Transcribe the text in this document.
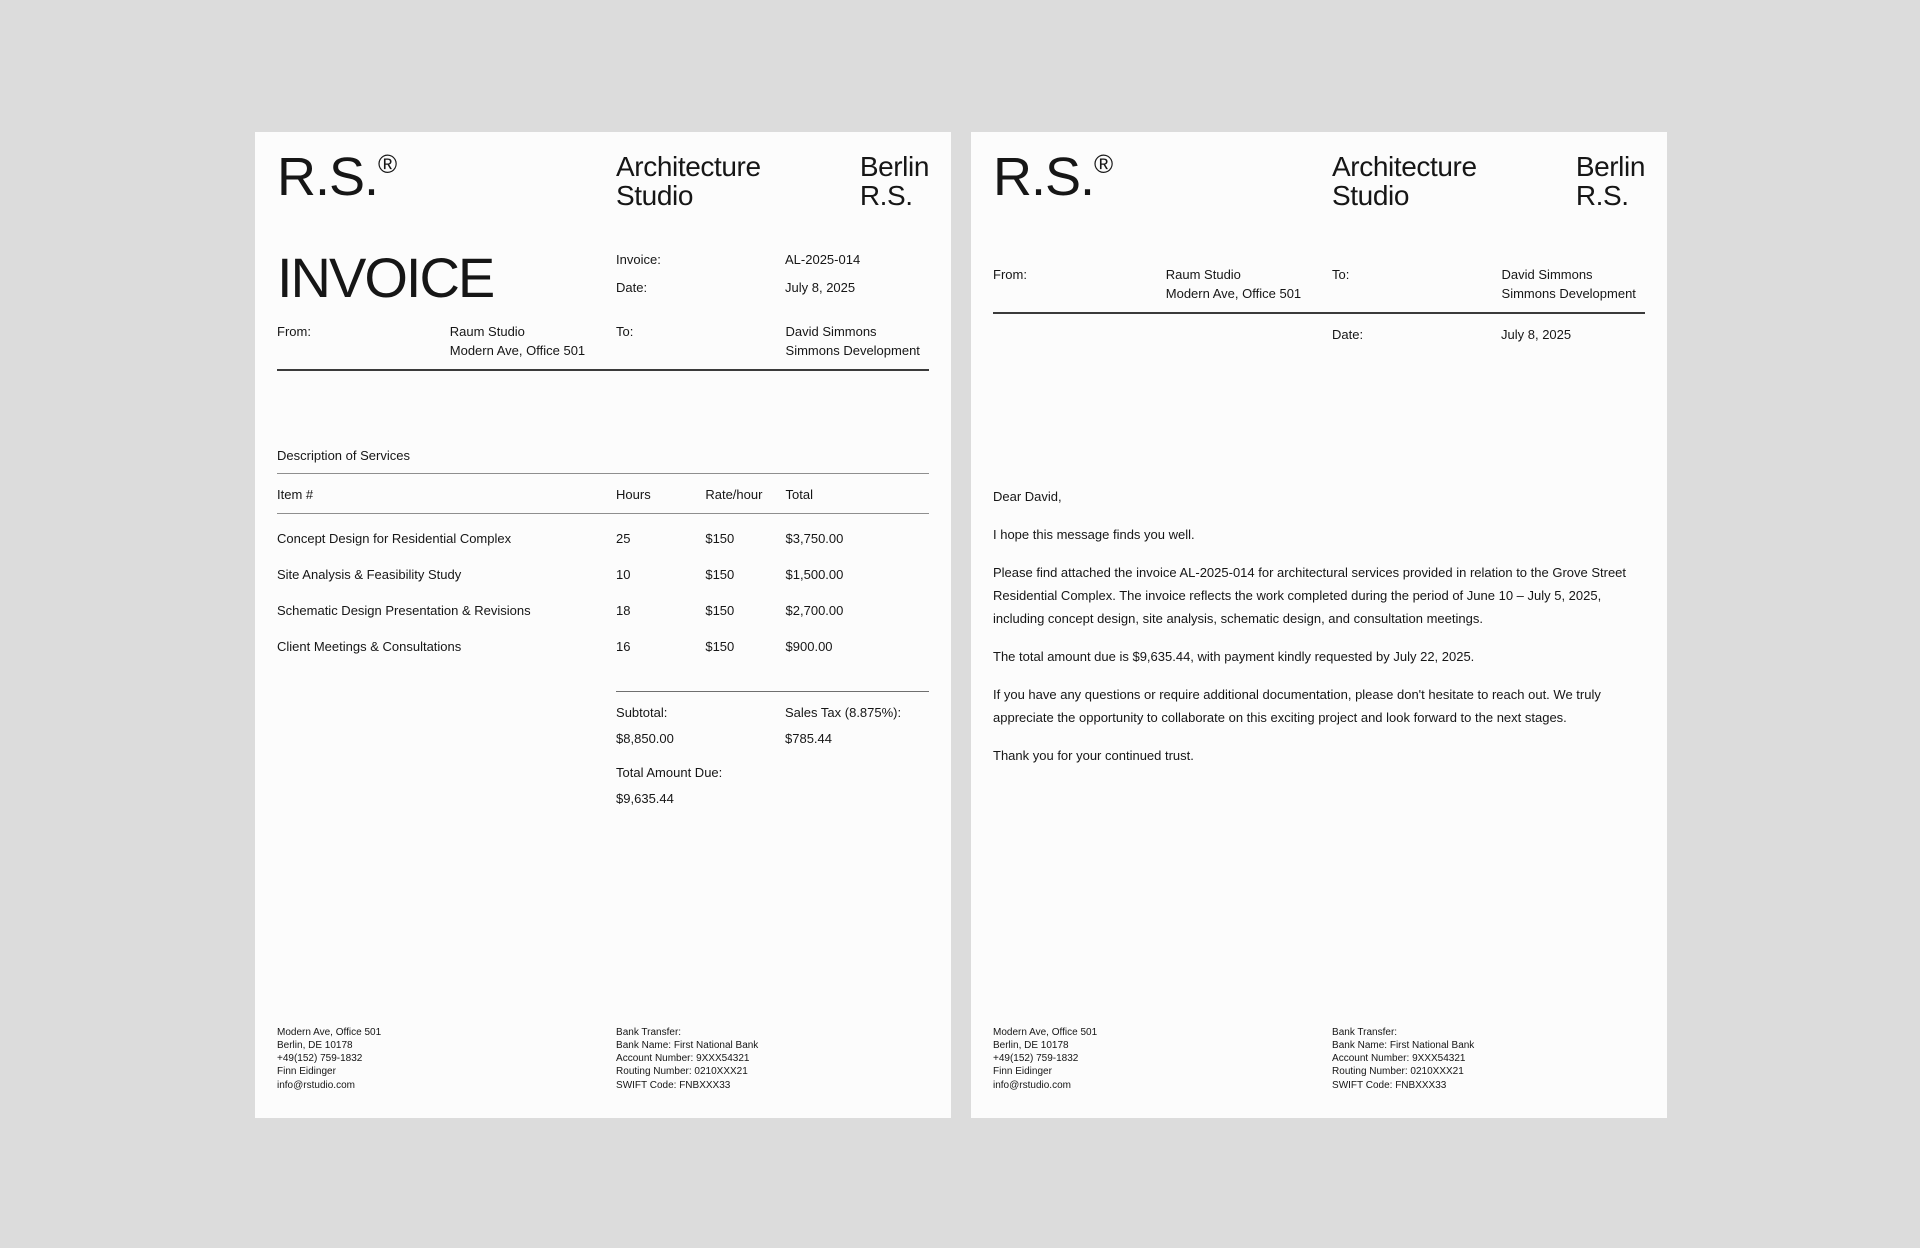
R.S.®	Architecture
Studio
Berlin
R.S.
INVOICE	Invoice:	AL-2025-014
Date:	July 8, 2025
From:	Raum Studio
Modern Ave, Office 501
To:	David Simmons
Simmons Development
Description of Services
Item #	Hours	Rate/hour	Total
Concept Design for Residential Complex	25	$150	$3,750.00
Site Analysis & Feasibility Study	10	$150	$1,500.00
Schematic Design Presentation & Revisions	18	$150	$2,700.00
Client Meetings & Consultations	16	$150	$900.00
Subtotal:
$8,850.00
Sales Tax (8.875%):
$785.44
Total Amount Due:
$9,635.44
Modern Ave, Office 501
Berlin, DE 10178
+49(152) 759-1832
Finn Eidinger
info@rstudio.com
Bank Transfer:
Bank Name: First National Bank
Account Number: 9XXX54321
Routing Number: 0210XXX21
SWIFT Code: FNBXXX33
R.S.®	Architecture
Studio
Berlin
R.S.
From:	Raum Studio
Modern Ave, Office 501
To:	David Simmons
Simmons Development
Date:	July 8, 2025

Dear David,

I hope this message finds you well.

Please find attached the invoice AL-2025-014 for architectural services provided in relation to the Grove Street Residential Complex. The invoice reflects the work completed during the period of June 10 – July 5, 2025, including concept design, site analysis, schematic design, and consultation meetings.

The total amount due is $9,635.44, with payment kindly requested by July 22, 2025.

If you have any questions or require additional documentation, please don't hesitate to reach out. We truly appreciate the opportunity to collaborate on this exciting project and look forward to the next stages.

Thank you for your continued trust.

Modern Ave, Office 501
Berlin, DE 10178
+49(152) 759-1832
Finn Eidinger
info@rstudio.com
Bank Transfer:
Bank Name: First National Bank
Account Number: 9XXX54321
Routing Number: 0210XXX21
SWIFT Code: FNBXXX33
